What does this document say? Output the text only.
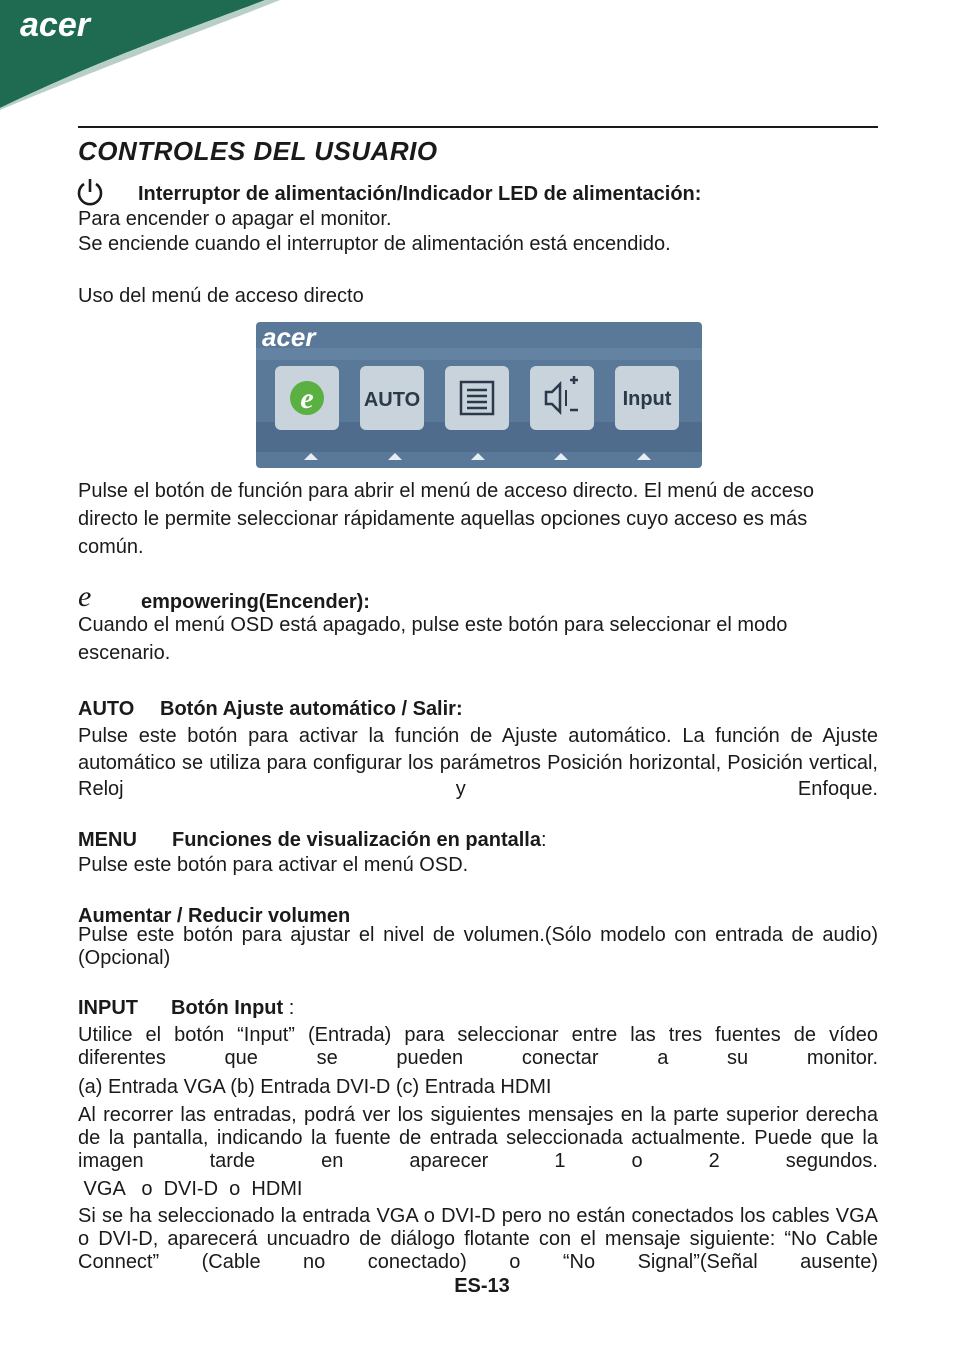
acer
CONTROLES DEL USUARIO
Interruptor de alimentación/Indicador LED de alimentación:
Para encender o apagar el monitor.
Se enciende cuando el interruptor de alimentación está encendido.
Uso del menú de acceso directo
acer
e	AUTO	Input
Pulse el botón de función para abrir el menú de acceso directo. El menú de acceso directo le permite seleccionar rápidamente aquellas opciones cuyo acceso es más común.
e empowering(Encender):
Cuando el menú OSD está apagado, pulse este botón para seleccionar el modo escenario.
AUTO Botón Ajuste automático / Salir:
Pulse este botón para activar la función de Ajuste automático. La función de Ajuste automático se utiliza para configurar los parámetros Posición horizontal, Posición vertical, Reloj y Enfoque.
MENU Funciones de visualización en pantalla:
Pulse este botón para activar el menú OSD.
Aumentar / Reducir volumen
Pulse este botón para ajustar el nivel de volumen.(Sólo modelo con entrada de audio) (Opcional)
INPUT Botón Input :
Utilice el botón “Input” (Entrada) para seleccionar entre las tres fuentes de vídeo diferentes que se pueden conectar a su monitor.
(a) Entrada VGA (b) Entrada DVI-D (c) Entrada HDMI
Al recorrer las entradas, podrá ver los siguientes mensajes en la parte superior derecha de la pantalla, indicando la fuente de entrada seleccionada actualmente. Puede que la imagen tarde en aparecer 1 o 2 segundos.
VGA   o  DVI-D  o  HDMI
Si se ha seleccionado la entrada VGA o DVI-D pero no están conectados los cables VGA o DVI-D, aparecerá uncuadro de diálogo flotante con el mensaje siguiente: “No Cable Connect” (Cable no conectado) o “No Signal”(Señal ausente)
ES-13
